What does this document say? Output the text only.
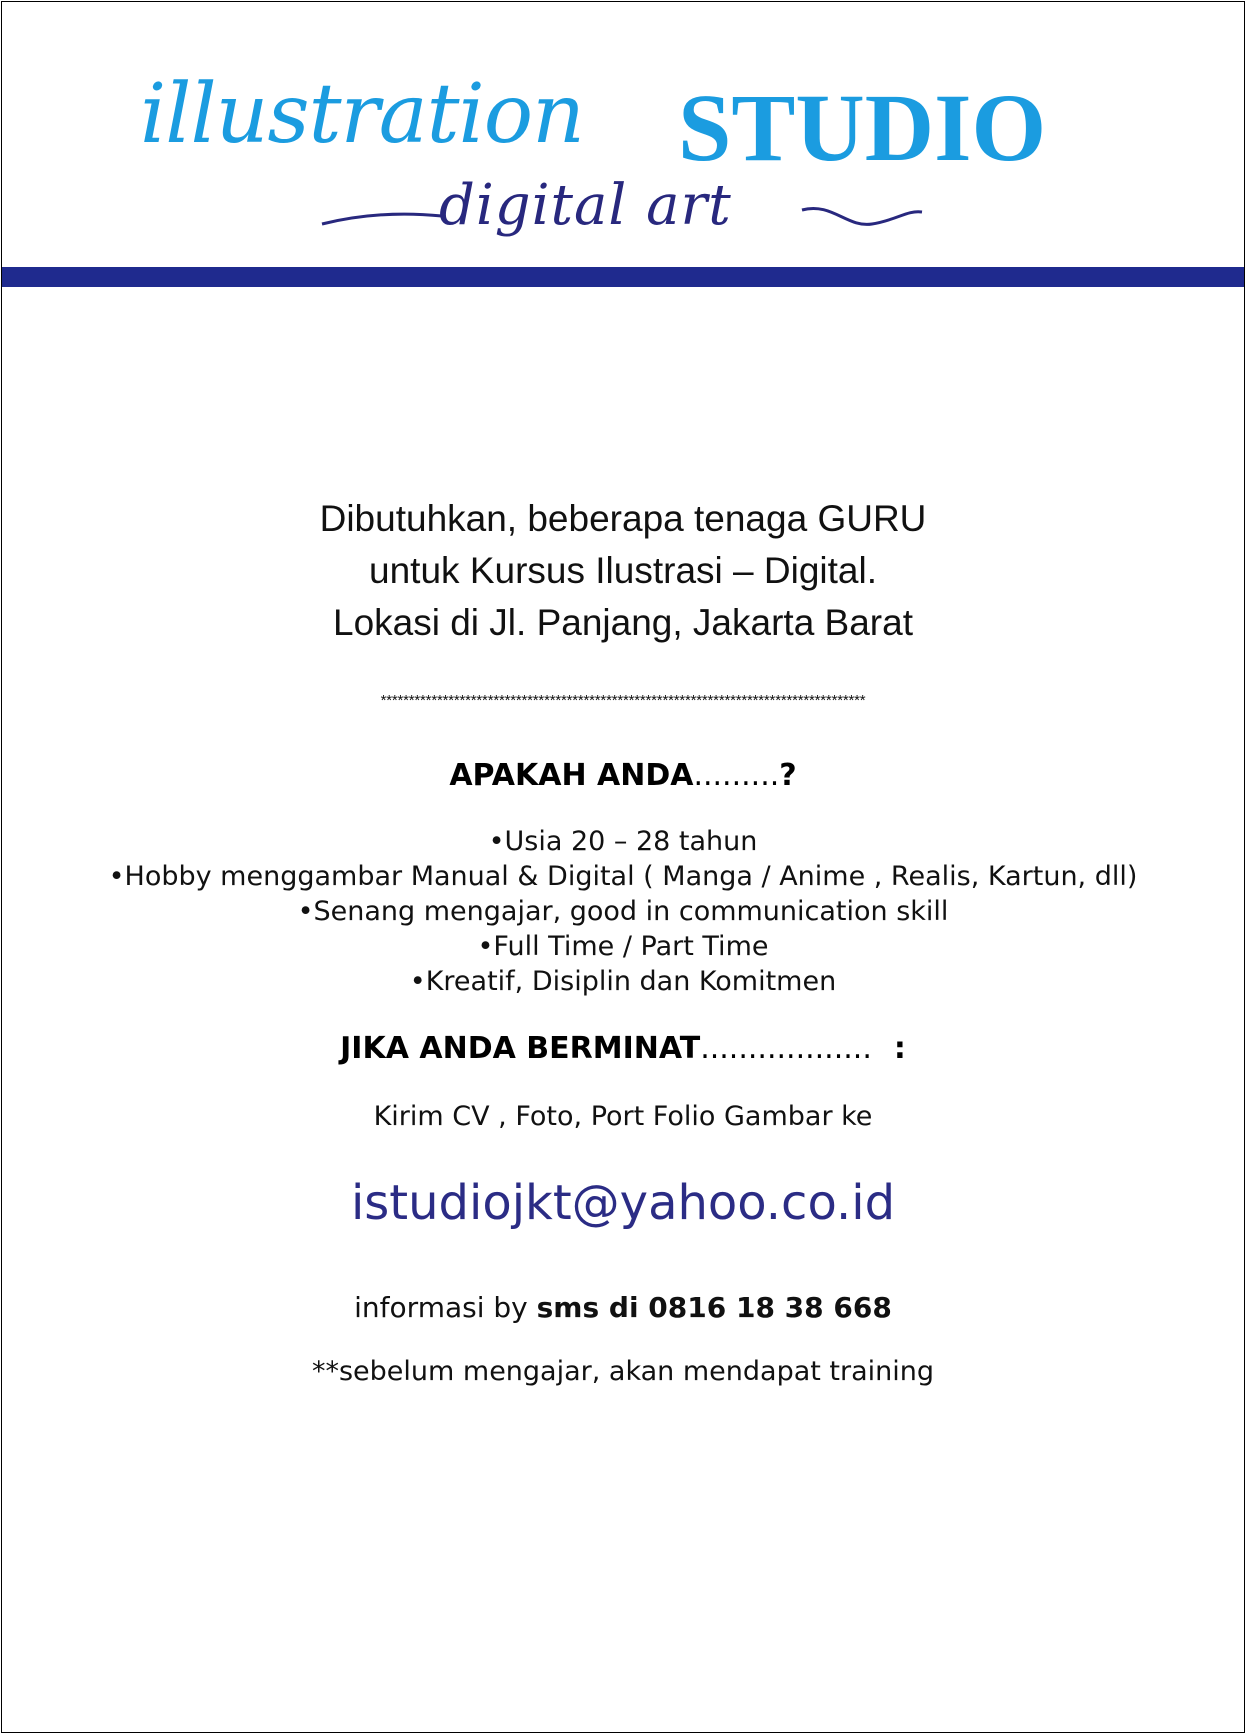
illustration STUDIO
digital art
Dibutuhkan, beberapa tenaga GURU
untuk Kursus Ilustrasi – Digital.
Lokasi di Jl. Panjang, Jakarta Barat
**************************************************************************************
APAKAH ANDA.........?
•Usia 20 – 28 tahun
•Hobby menggambar Manual & Digital ( Manga / Anime , Realis, Kartun, dll)
•Senang mengajar, good in communication skill
•Full Time / Part Time
•Kreatif, Disiplin dan Komitmen
JIKA ANDA BERMINAT.................. :
Kirim CV , Foto, Port Folio Gambar ke
istudiojkt@yahoo.co.id
informasi by sms di 0816 18 38 668
**sebelum mengajar, akan mendapat training
